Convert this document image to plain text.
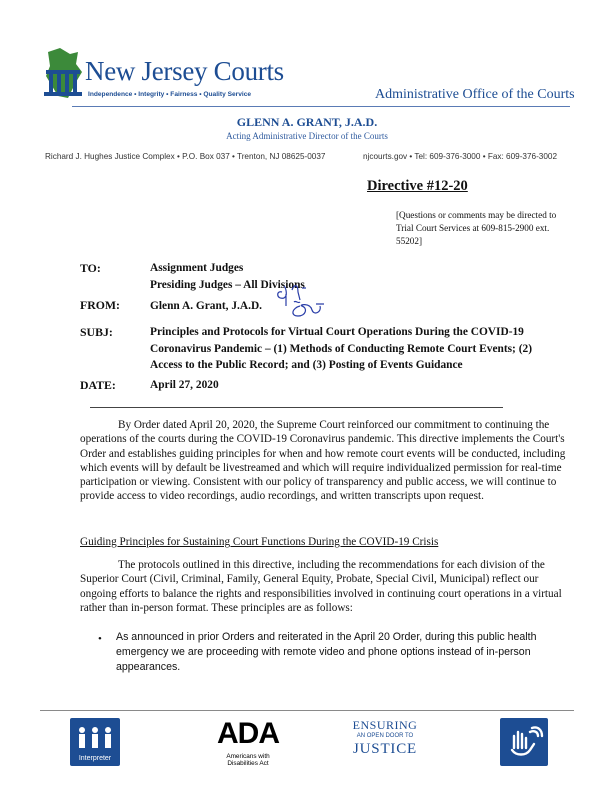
New Jersey Courts
Independence • Integrity • Fairness • Quality Service	Administrative Office of the Courts
GLENN A. GRANT, J.A.D.
Acting Administrative Director of the Courts
Richard J. Hughes Justice Complex • P.O. Box 037 • Trenton, NJ 08625-0037	njcourts.gov • Tel: 609-376-3000 • Fax: 609-376-3002
Directive #12-20
[Questions or comments may be directed to Trial Court Services at 609-815-2900 ext. 55202]
TO:	Assignment Judges
Presiding Judges – All Divisions
FROM:	Glenn A. Grant, J.A.D.
SUBJ:	Principles and Protocols for Virtual Court Operations During the COVID-19 Coronavirus Pandemic – (1) Methods of Conducting Remote Court Events; (2) Access to the Public Record; and (3) Posting of Events Guidance
DATE:	April 27, 2020

By Order dated April 20, 2020, the Supreme Court reinforced our commitment to continuing the operations of the courts during the COVID-19 Coronavirus pandemic. This directive implements the Court's Order and establishes guiding principles for when and how remote court events will be conducted, including which events will by default be livestreamed and which will require individualized permission for real-time participation or viewing. Consistent with our policy of transparency and public access, we will continue to provide access to video recordings, audio recordings, and written transcripts upon request.

Guiding Principles for Sustaining Court Functions During the COVID-19 Crisis

The protocols outlined in this directive, including the recommendations for each division of the Superior Court (Civil, Criminal, Family, General Equity, Probate, Special Civil, Municipal) reflect our ongoing efforts to balance the rights and responsibilities involved in continuing court operations in a virtual rather than in-person format. These principles are as follows:

• As announced in prior Orders and reiterated in the April 20 Order, during this public health emergency we are proceeding with remote video and phone options instead of in-person appearances.
Interpreter
ADA
Americans with Disabilities Act
ENSURING
AN OPEN DOOR TO
JUSTICE
